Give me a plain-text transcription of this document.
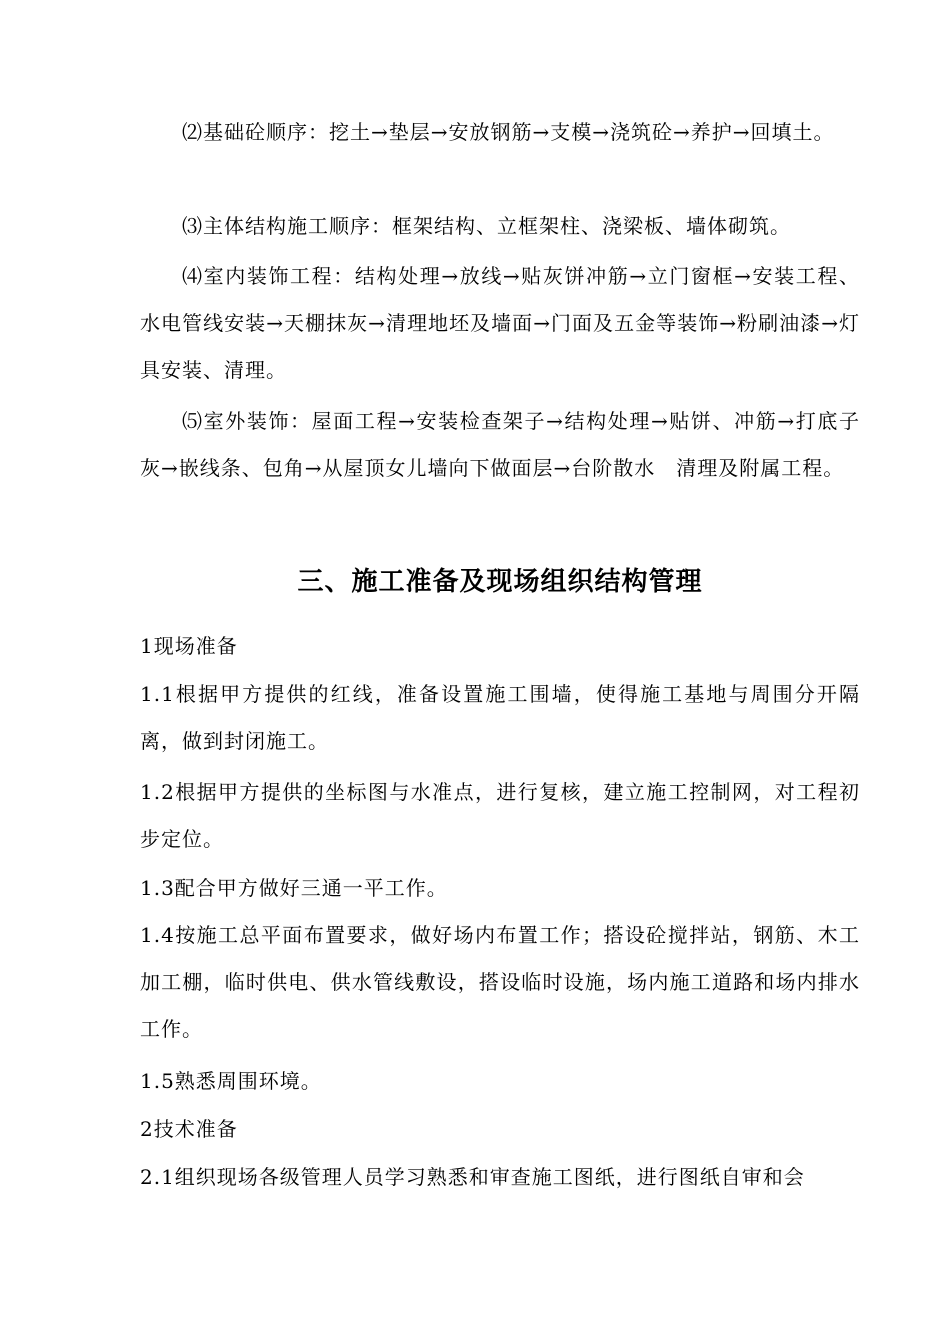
⑵基础砼顺序：挖土→垫层→安放钢筋→支模→浇筑砼→养护→回填土。

⑶主体结构施工顺序：框架结构、立框架柱、浇梁板、墙体砌筑。

⑷室内装饰工程：结构处理→放线→贴灰饼冲筋→立门窗框→安装工程、水电管线安装→天棚抹灰→清理地坯及墙面→门面及五金等装饰→粉刷油漆→灯具安装、清理。

⑸室外装饰：屋面工程→安装检查架子→结构处理→贴饼、冲筋→打底子灰→嵌线条、包角→从屋顶女儿墙向下做面层→台阶散水　清理及附属工程。

三、施工准备及现场组织结构管理

1现场准备

1.1根据甲方提供的红线，准备设置施工围墙，使得施工基地与周围分开隔离，做到封闭施工。

1.2根据甲方提供的坐标图与水准点，进行复核，建立施工控制网，对工程初步定位。

1.3配合甲方做好三通一平工作。

1.4按施工总平面布置要求，做好场内布置工作；搭设砼搅拌站，钢筋、木工加工棚，临时供电、供水管线敷设，搭设临时设施，场内施工道路和场内排水工作。

1.5熟悉周围环境。

2技术准备

2.1组织现场各级管理人员学习熟悉和审查施工图纸，进行图纸自审和会
